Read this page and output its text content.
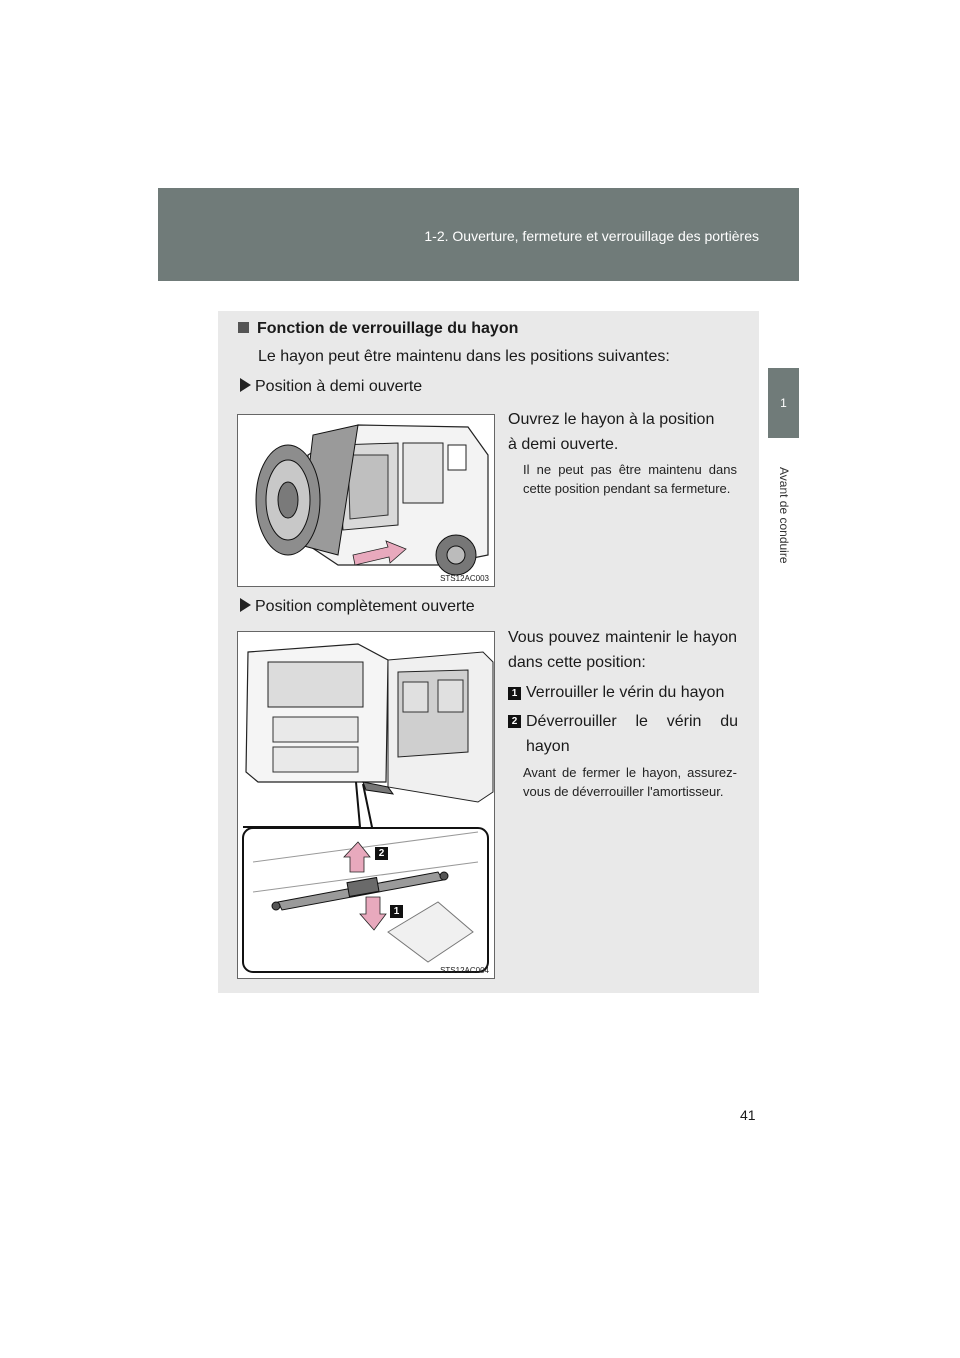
1-2. Ouverture, fermeture et verrouillage des portières
1
Avant de conduire
Fonction de verrouillage du hayon
Le hayon peut être maintenu dans les positions suivantes:
Position à demi ouverte
STS12AC003
Ouvrez le hayon à la position
à demi ouverte.
Il ne peut pas être maintenu dans cette position pendant sa fermeture.
Position complètement ouverte
2
1
STS12AC004
Vous pouvez maintenir le hayon dans cette position:
1 Verrouiller le vérin du hayon
2 Déverrouiller le vérin du hayon
Avant de fermer le hayon, assurez-vous de déverrouiller l'amortisseur.
41
